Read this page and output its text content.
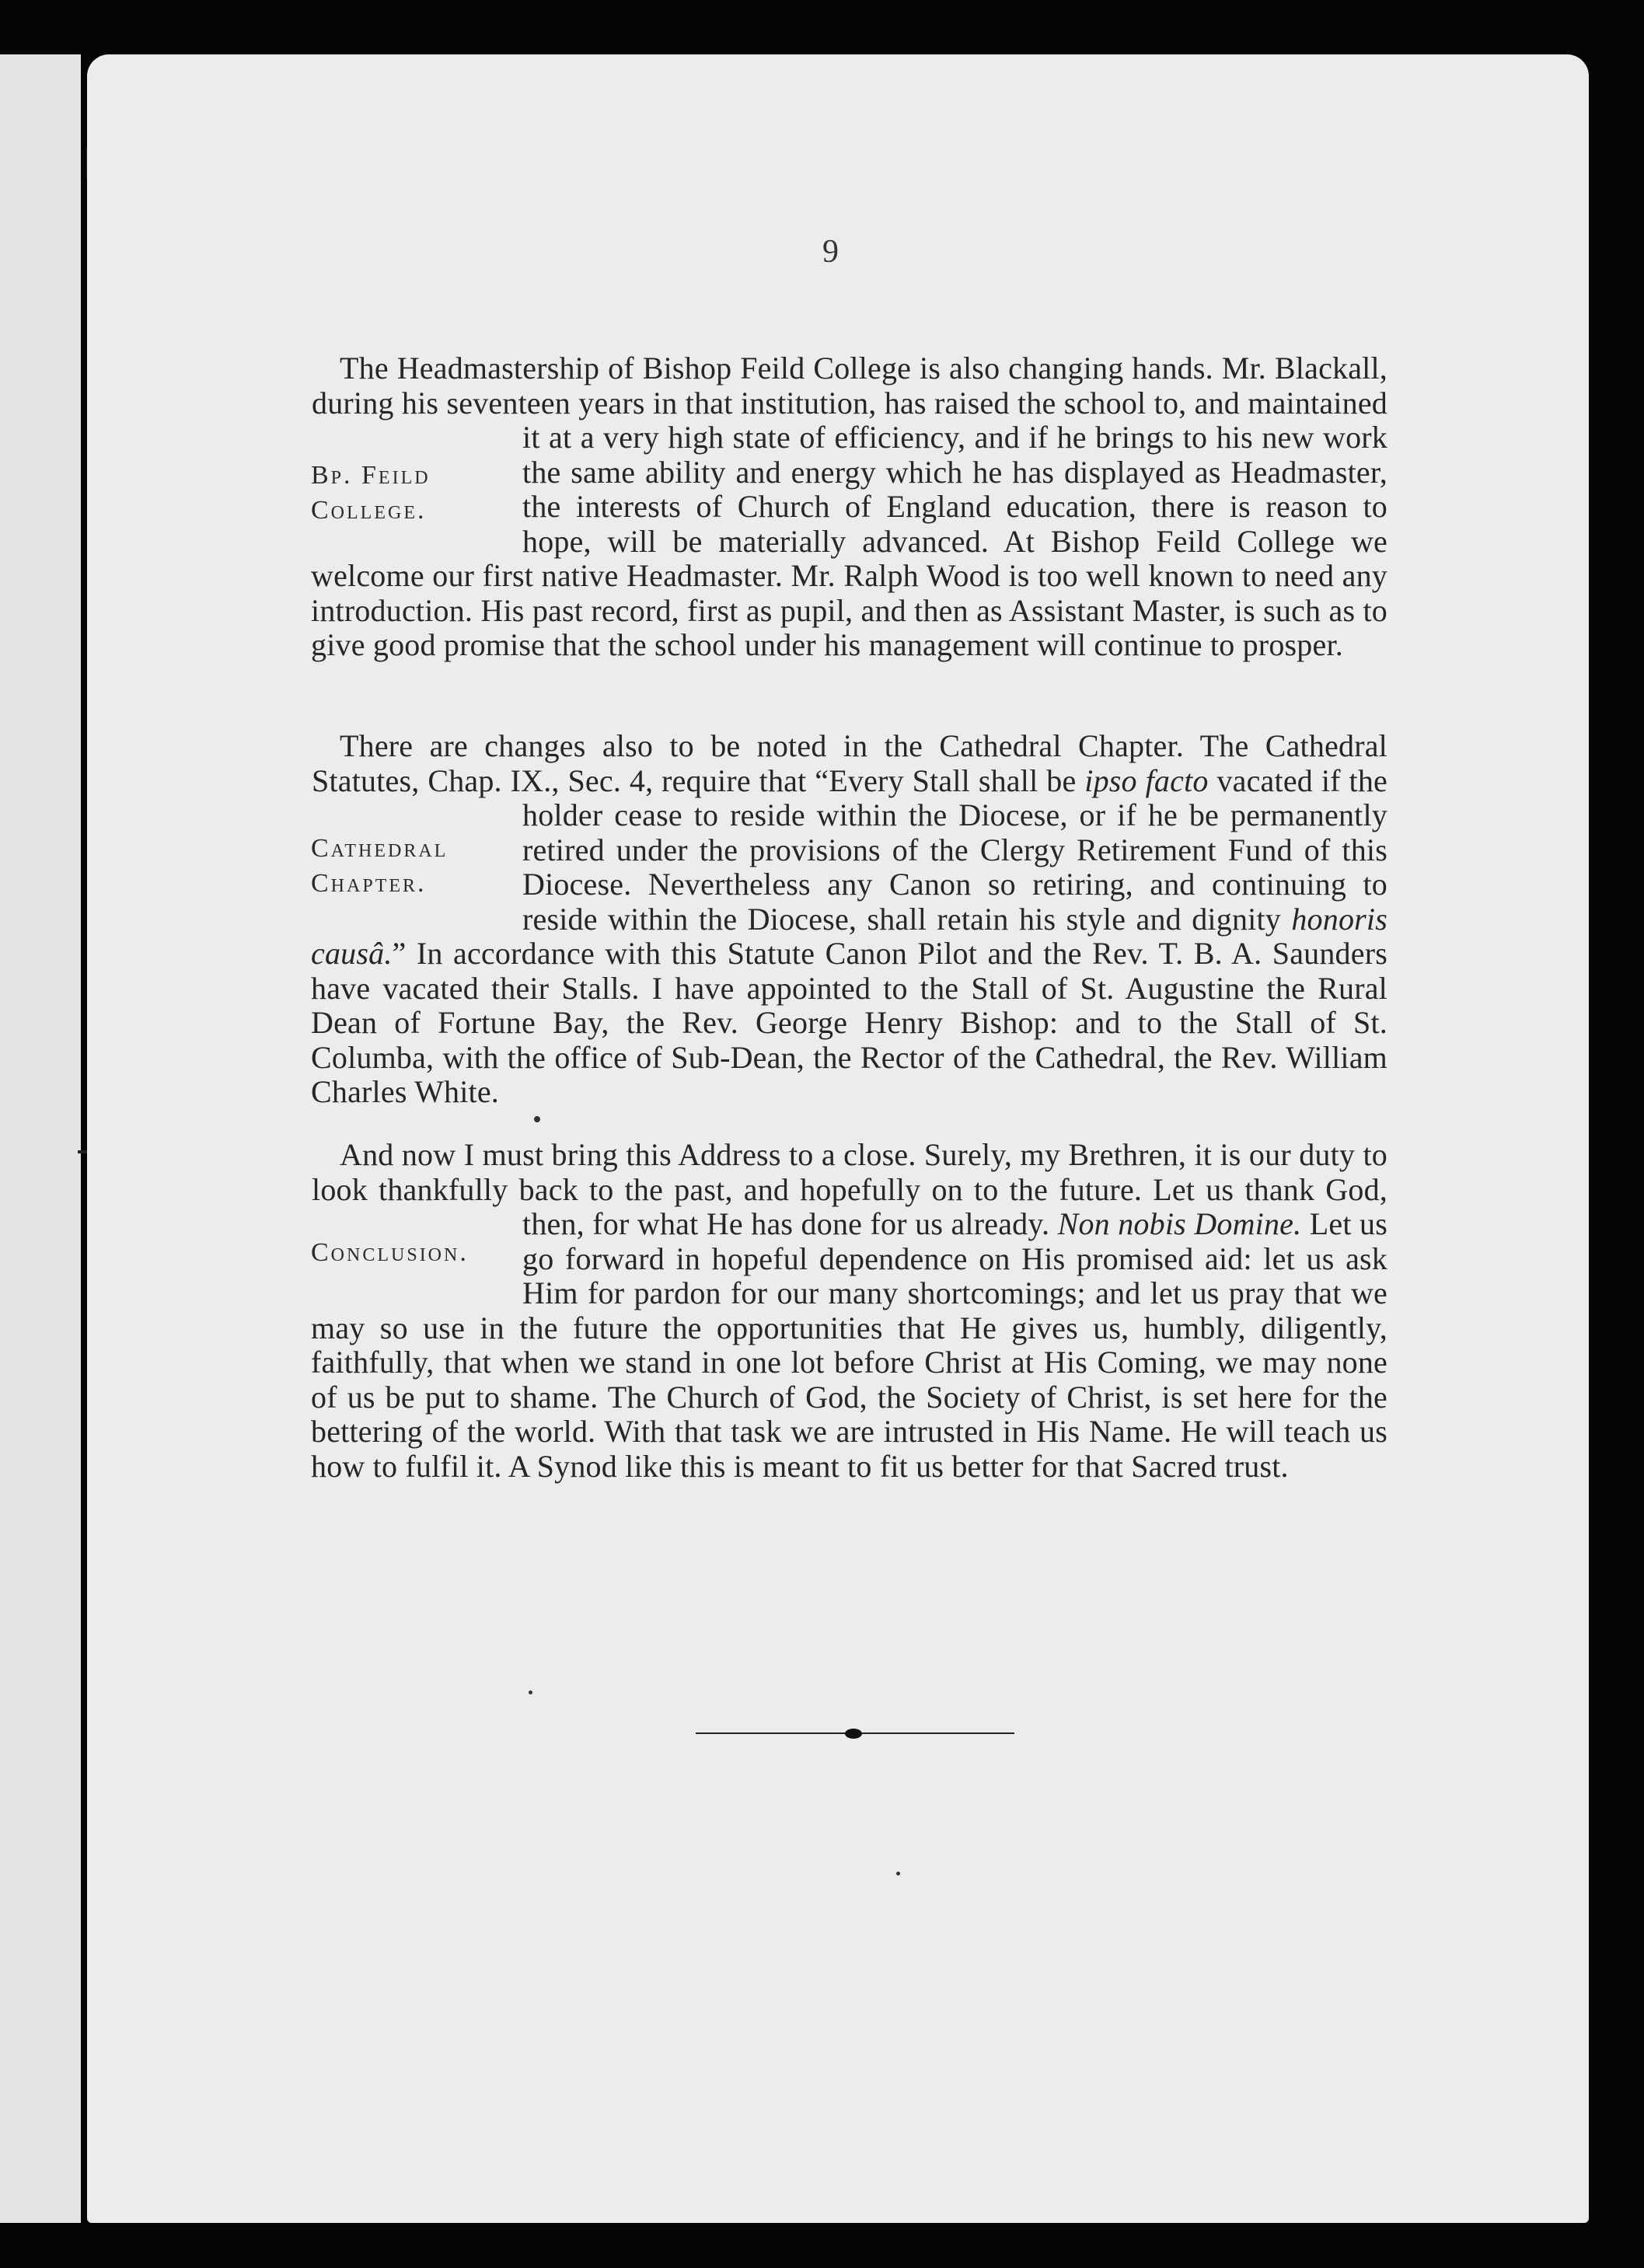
9
Bp. Feild
College.

The Headmastership of Bishop Feild College is also changing hands. Mr. Blackall, during his seventeen years in that institution, has raised the school to, and maintained it at a very high state of efficiency, and if he brings to his new work the same ability and energy which he has displayed as Headmaster, the interests of Church of England education, there is reason to hope, will be materially advanced. At Bishop Feild College we welcome our first native Headmaster. Mr. Ralph Wood is too well known to need any introduction. His past record, first as pupil, and then as Assistant Master, is such as to give good promise that the school under his management will continue to prosper.

Cathedral
Chapter.

There are changes also to be noted in the Cathedral Chapter. The Cathedral Statutes, Chap. IX., Sec. 4, require that “Every Stall shall be ipso facto vacated if the holder cease to reside within the Diocese, or if he be permanently retired under the provisions of the Clergy Retirement Fund of this Diocese. Nevertheless any Canon so retiring, and continuing to reside within the Diocese, shall retain his style and dignity honoris causâ.” In accordance with this Statute Canon Pilot and the Rev. T. B. A. Saunders have vacated their Stalls. I have appointed to the Stall of St. Augustine the Rural Dean of Fortune Bay, the Rev. George Henry Bishop: and to the Stall of St. Columba, with the office of Sub-Dean, the Rector of the Cathedral, the Rev. William Charles White.

Conclusion.

And now I must bring this Address to a close. Surely, my Brethren, it is our duty to look thankfully back to the past, and hopefully on to the future. Let us thank God, then, for what He has done for us already. Non nobis Domine. Let us go forward in hopeful dependence on His promised aid: let us ask Him for pardon for our many shortcomings; and let us pray that we may so use in the future the opportunities that He gives us, humbly, diligently, faithfully, that when we stand in one lot before Christ at His Coming, we may none of us be put to shame. The Church of God, the Society of Christ, is set here for the bettering of the world. With that task we are intrusted in His Name. He will teach us how to fulfil it. A Synod like this is meant to fit us better for that Sacred trust.
